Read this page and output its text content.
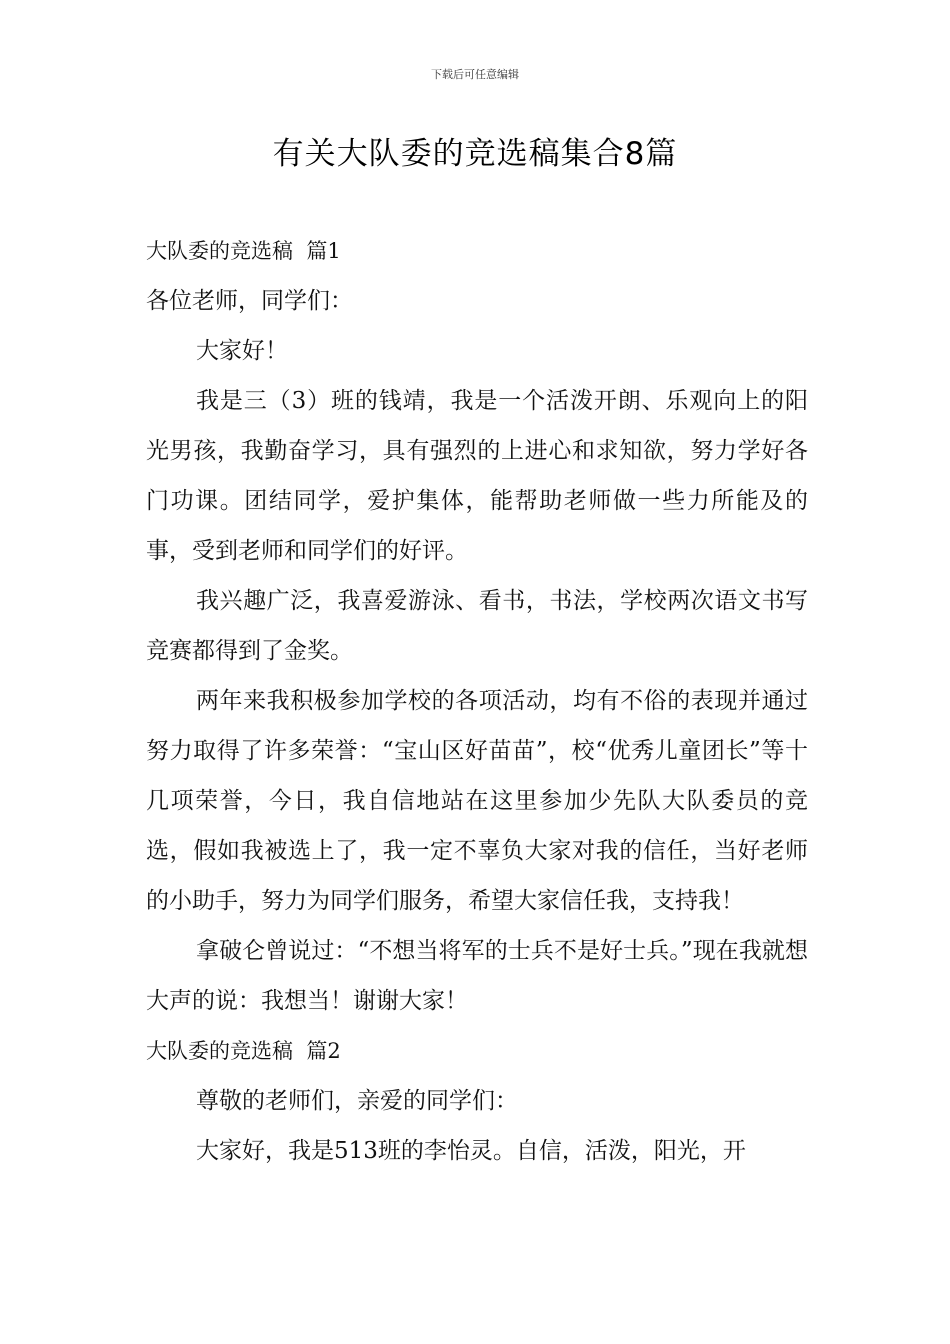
下载后可任意编辑
有关大队委的竞选稿集合8篇

大队委的竞选稿  篇1

各位老师，同学们：

大家好！

我是三（3）班的钱靖，我是一个活泼开朗、乐观向上的阳光男孩，我勤奋学习，具有强烈的上进心和求知欲，努力学好各门功课。团结同学，爱护集体，能帮助老师做一些力所能及的事，受到老师和同学们的好评。

我兴趣广泛，我喜爱游泳、看书，书法，学校两次语文书写竞赛都得到了金奖。

两年来我积极参加学校的各项活动，均有不俗的表现并通过努力取得了许多荣誉：“宝山区好苗苗”，校“优秀儿童团长”等十几项荣誉，今日，我自信地站在这里参加少先队大队委员的竞选，假如我被选上了，我一定不辜负大家对我的信任，当好老师的小助手，努力为同学们服务，希望大家信任我，支持我！

拿破仑曾说过：“不想当将军的士兵不是好士兵。”现在我就想大声的说：我想当！谢谢大家！

大队委的竞选稿  篇2

尊敬的老师们，亲爱的同学们：

大家好，我是513班的李怡灵。自信，活泼，阳光，开
